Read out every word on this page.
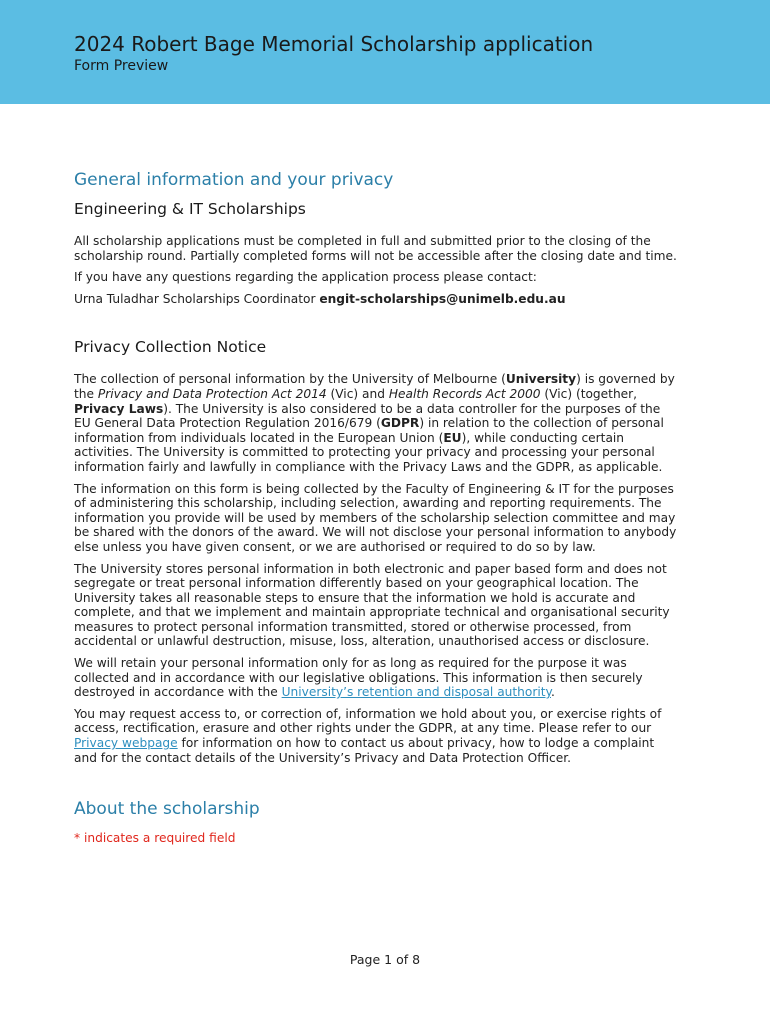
2024 Robert Bage Memorial Scholarship application
Form Preview
General information and your privacy
Engineering & IT Scholarships

All scholarship applications must be completed in full and submitted prior to the closing of the scholarship round. Partially completed forms will not be accessible after the closing date and time.

If you have any questions regarding the application process please contact:

Urna Tuladhar Scholarships Coordinator engit-scholarships@unimelb.edu.au

Privacy Collection Notice

The collection of personal information by the University of Melbourne (University) is governed by the Privacy and Data Protection Act 2014 (Vic) and Health Records Act 2000 (Vic) (together, Privacy Laws). The University is also considered to be a data controller for the purposes of the EU General Data Protection Regulation 2016/679 (GDPR) in relation to the collection of personal information from individuals located in the European Union (EU), while conducting certain activities. The University is committed to protecting your privacy and processing your personal information fairly and lawfully in compliance with the Privacy Laws and the GDPR, as applicable.

The information on this form is being collected by the Faculty of Engineering & IT for the purposes of administering this scholarship, including selection, awarding and reporting requirements. The information you provide will be used by members of the scholarship selection committee and may be shared with the donors of the award. We will not disclose your personal information to anybody else unless you have given consent, or we are authorised or required to do so by law.

The University stores personal information in both electronic and paper based form and does not segregate or treat personal information differently based on your geographical location. The University takes all reasonable steps to ensure that the information we hold is accurate and complete, and that we implement and maintain appropriate technical and organisational security measures to protect personal information transmitted, stored or otherwise processed, from accidental or unlawful destruction, misuse, loss, alteration, unauthorised access or disclosure.

We will retain your personal information only for as long as required for the purpose it was collected and in accordance with our legislative obligations. This information is then securely destroyed in accordance with the University’s retention and disposal authority.

You may request access to, or correction of, information we hold about you, or exercise rights of access, rectification, erasure and other rights under the GDPR, at any time. Please refer to our Privacy webpage for information on how to contact us about privacy, how to lodge a complaint and for the contact details of the University’s Privacy and Data Protection Officer.

About the scholarship
* indicates a required field
Page 1 of 8
